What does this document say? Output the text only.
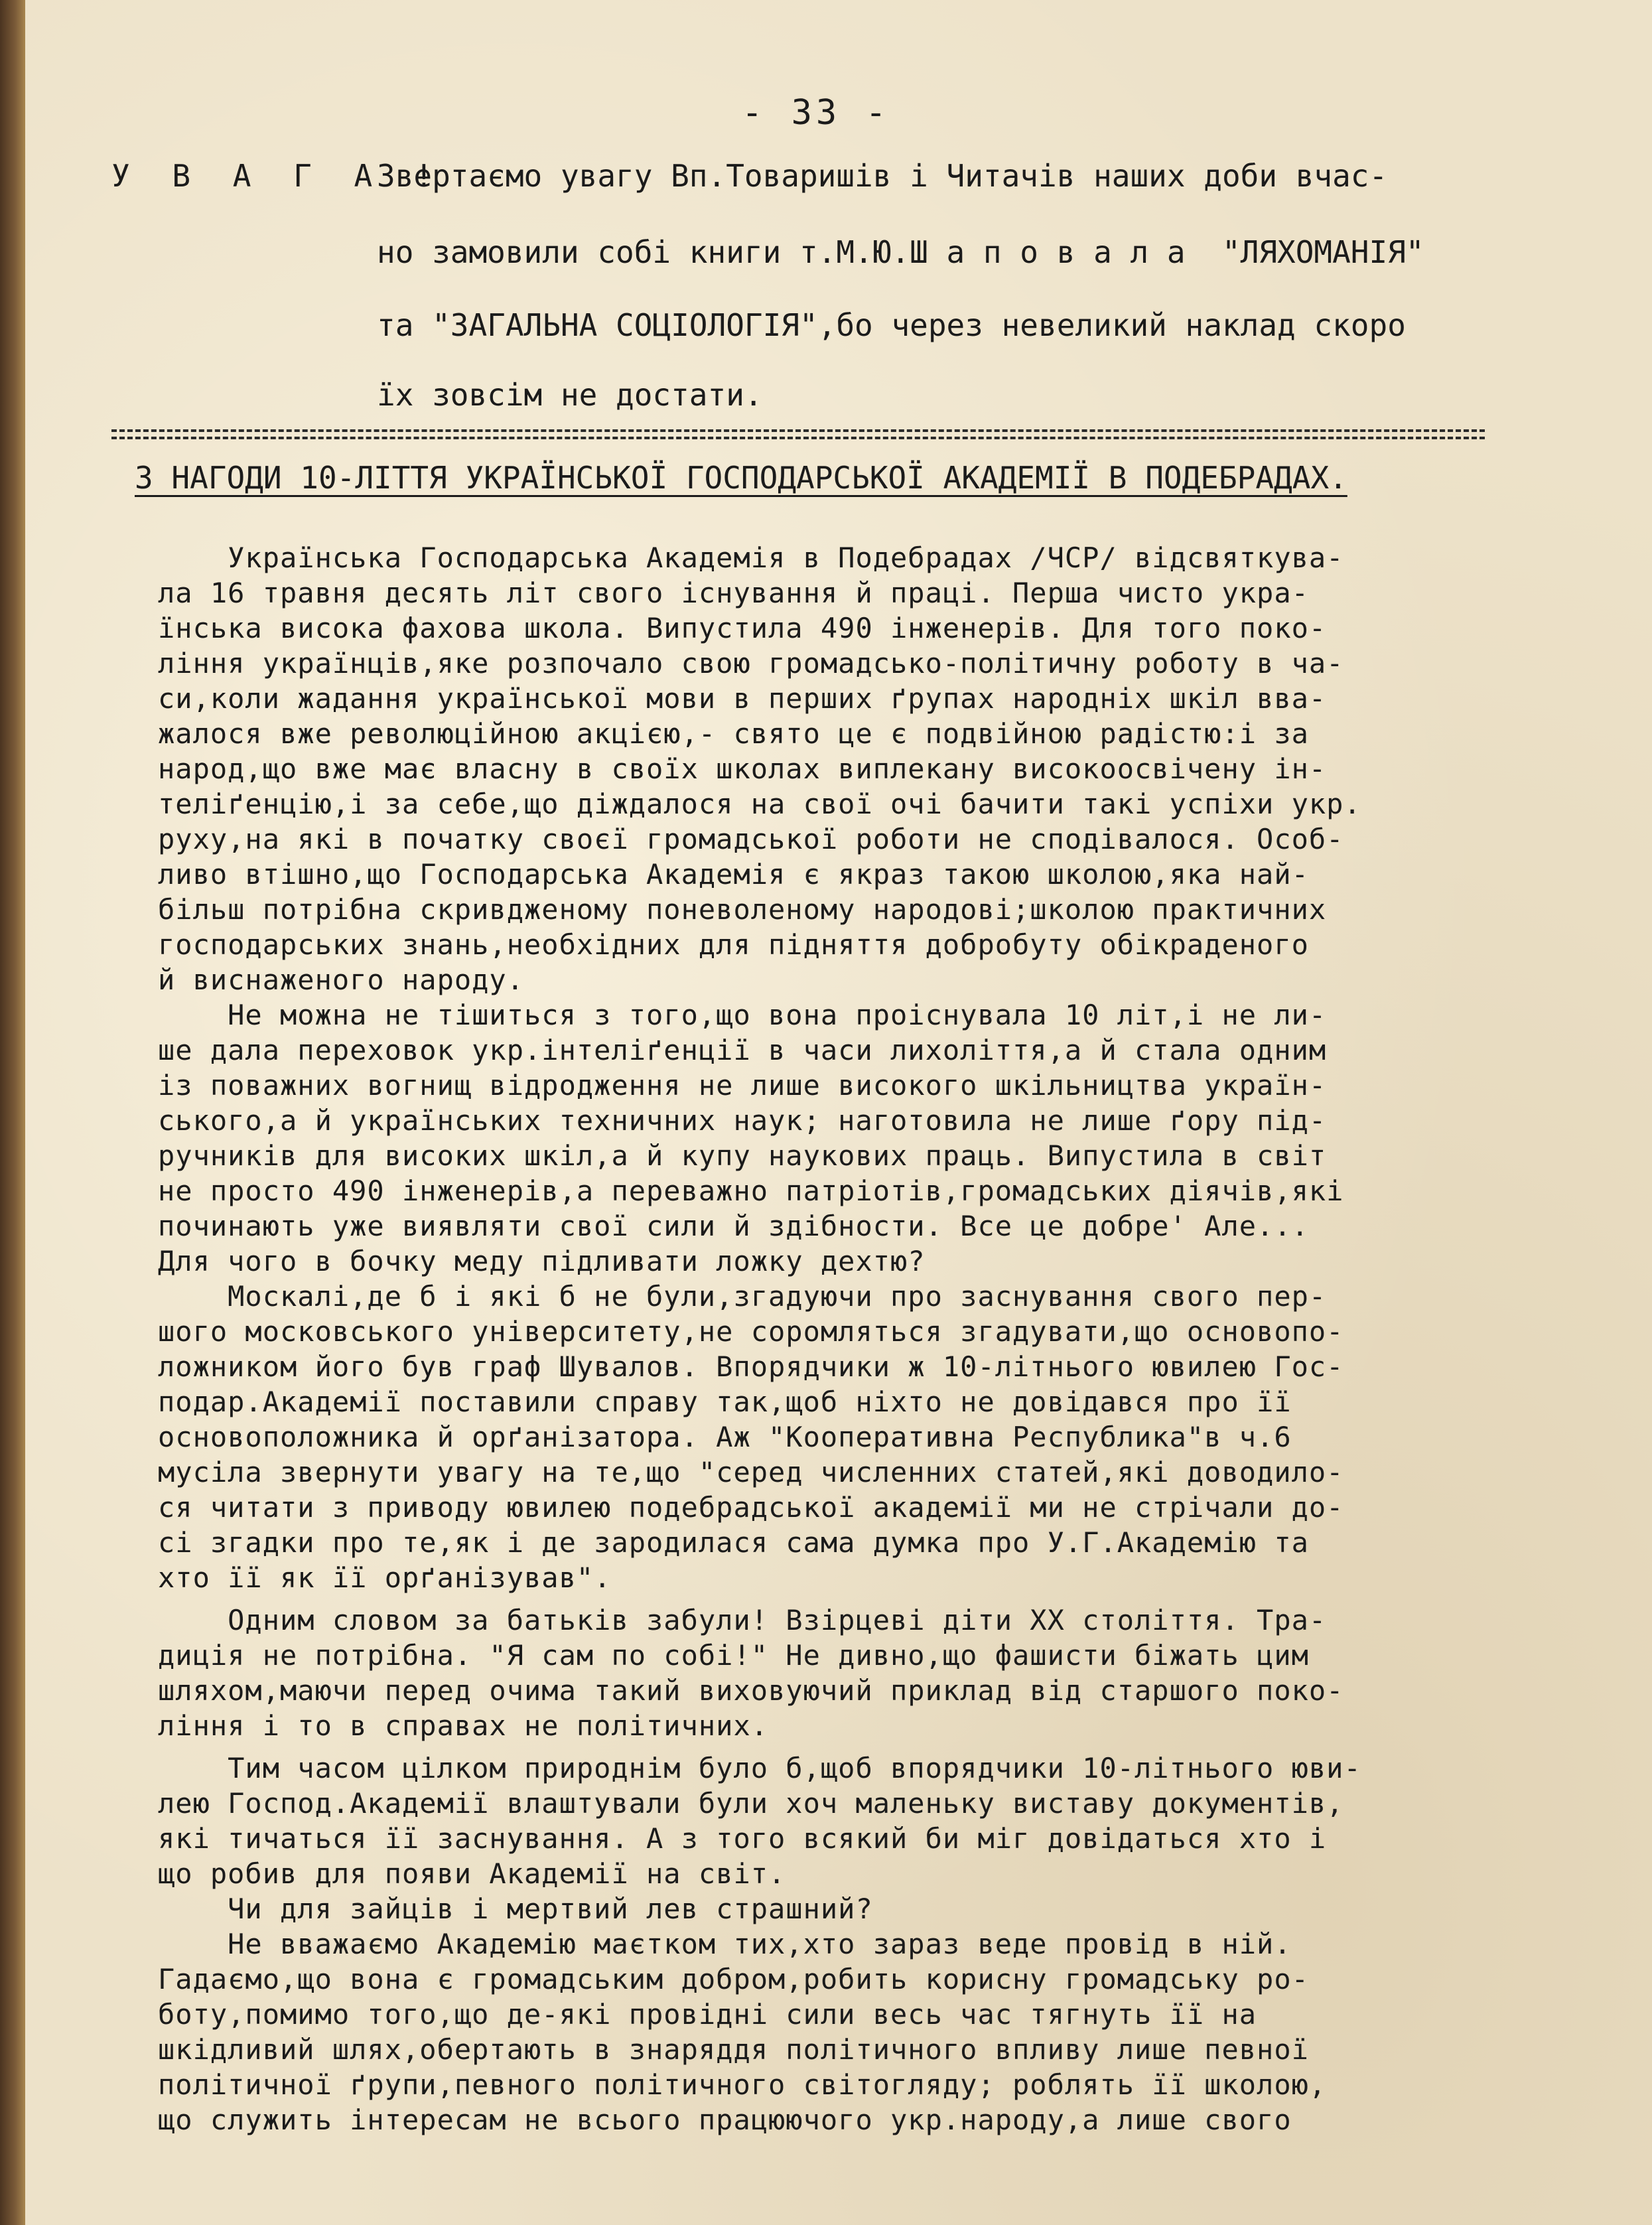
- 33 -
У В А Г А !
Звертаємо увагу Вп.Товаришів і Читачів наших доби вчас-
но замовили собі книги т.М.Ю.Ш а п о в а л а  "ЛЯХОМАНІЯ"
та "ЗАГАЛЬНА СОЦІОЛОГІЯ",бо через невеликий наклад скоро
їх зовсім не достати.
З НАГОДИ 10-ЛІТТЯ УКРАЇНСЬКОЇ ГОСПОДАРСЬКОЇ АКАДЕМІЇ В ПОДЕБРАДАХ.
Українська Господарська Академія в Подебрадах /ЧСР/ відсвяткува-
ла 16 травня десять літ свого існування й праці. Перша чисто укра-
їнська висока фахова школа. Випустила 490 інженерів. Для того поко-
ління українців,яке розпочало свою громадсько-політичну роботу в ча-
си,коли жадання української мови в перших ґрупах народніх шкіл вва-
жалося вже революційною акцією,- свято це є подвійною радістю:і за
народ,що вже має власну в своїх школах виплекану високоосвічену ін-
теліґенцію,і за себе,що діждалося на свої очі бачити такі успіхи укр.
руху,на які в початку своєї громадської роботи не сподівалося. Особ-
ливо втішно,що Господарська Академія є якраз такою школою,яка най-
більш потрібна скривдженому поневоленому народові;школою практичних
господарських знань,необхідних для підняття добробуту обікраденого
й виснаженого народу.
Не можна не тішиться з того,що вона проіснувала 10 літ,і не ли-
ше дала переховок укр.інтеліґенції в часи лихоліття,а й стала одним
із поважних вогнищ відродження не лише високого шкільництва україн-
ського,а й українських техничних наук; наготовила не лише ґору під-
ручників для високих шкіл,а й купу наукових праць. Випустила в світ
не просто 490 інженерів,а переважно патріотів,громадських діячів,які
починають уже виявляти свої сили й здібности. Все це добре' Але...
Для чого в бочку меду підливати ложку дехтю?
Москалі,де б і які б не були,згадуючи про заснування свого пер-
шого московського університету,не соромляться згадувати,що основопо-
ложником його був граф Шувалов. Впорядчики ж 10-літнього ювилею Гос-
подар.Академії поставили справу так,щоб ніхто не довідався про її
основоположника й орґанізатора. Аж "Кооперативна Республика"в ч.6
мусіла звернути увагу на те,що "серед численних статей,які доводило-
ся читати з приводу ювилею подебрадської академії ми не стрічали до-
сі згадки про те,як і де зародилася сама думка про У.Г.Академію та
хто її як її орґанізував".
Одним словом за батьків забули! Взірцеві діти XX століття. Тра-
диція не потрібна. "Я сам по собі!" Не дивно,що фашисти біжать цим
шляхом,маючи перед очима такий виховуючий приклад від старшого поко-
ління і то в справах не політичних.
Тим часом цілком природнім було б,щоб впорядчики 10-літнього юви-
лею Господ.Академії влаштували були хоч маленьку виставу документів,
які тичаться її заснування. А з того всякий би міг довідаться хто і
що робив для появи Академії на світ.
Чи для зайців і мертвий лев страшний?
Не вважаємо Академію маєтком тих,хто зараз веде провід в ній.
Гадаємо,що вона є громадським добром,робить корисну громадську ро-
боту,помимо того,що де-які провідні сили весь час тягнуть її на
шкідливий шлях,обертають в знаряддя політичного впливу лише певної
політичної ґрупи,певного політичного світогляду; роблять її школою,
що служить інтересам не всього працюючого укр.народу,а лише свого
